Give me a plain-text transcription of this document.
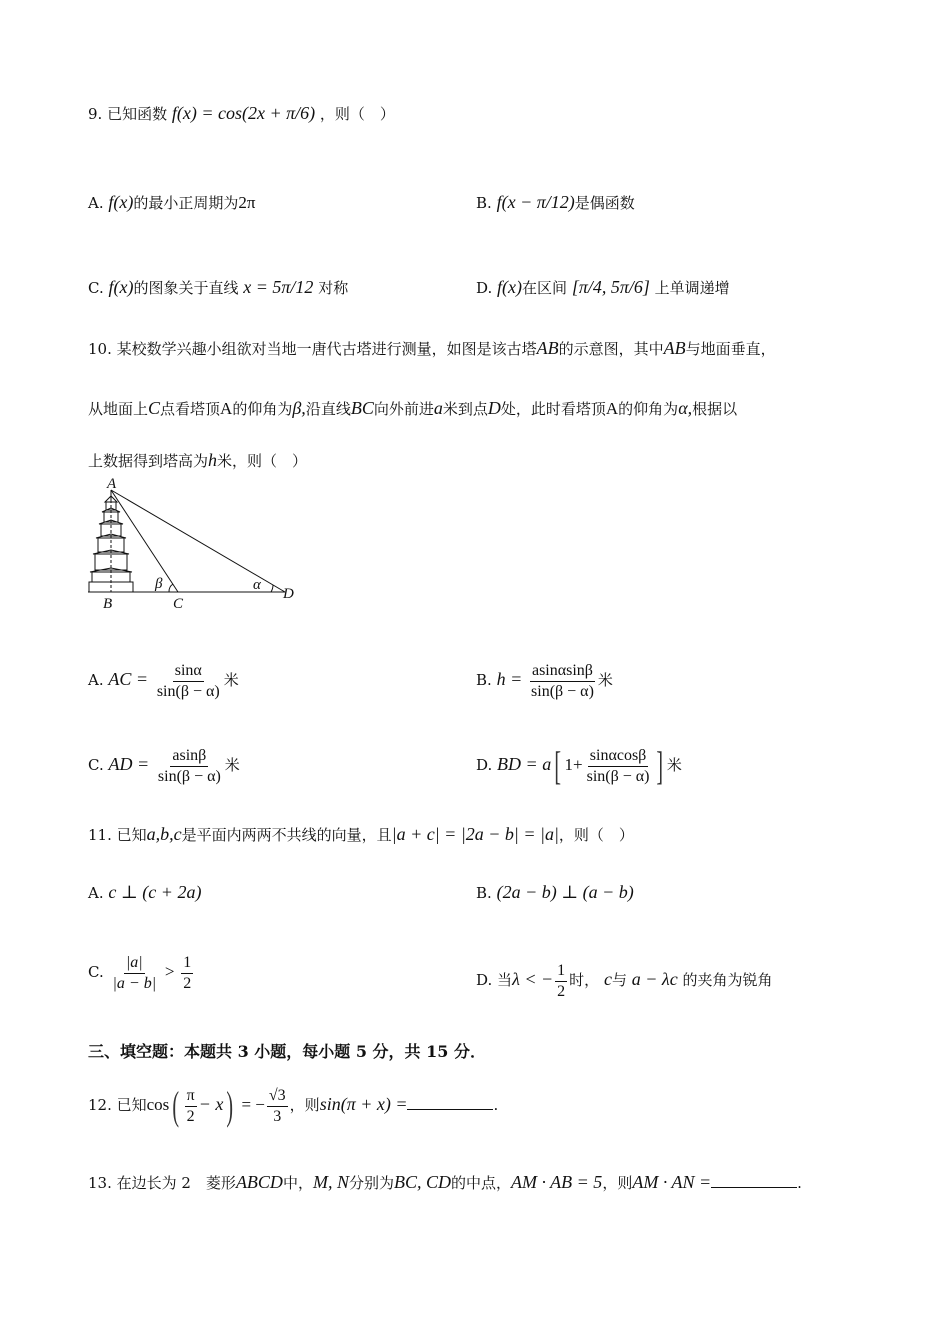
9. 已知函数 f(x) = cos(2x + π/6) ，则（　）
A. f(x)的最小正周期为2π	B. f(x − π/12)是偶函数
C. f(x)的图象关于直线 x = 5π/12 对称	D. f(x)在区间 [π/4, 5π/6] 上单调递增
10. 某校数学兴趣小组欲对当地一唐代古塔进行测量，如图是该古塔AB的示意图，其中AB与地面垂直，
从地面上C点看塔顶A的仰角为β,沿直线BC向外前进a米到点D处，此时看塔顶A的仰角为α,根据以
上数据得到塔高为h米，则（　）
A
B	C
D
β	α
A. AC = $\frac{\sin\alpha}{\sin(\beta - \alpha)}$ 米	B. $h = \frac{asin\alpha\sin\beta}{\sin(\beta - \alpha)}$ 米
C. AD = $\frac{asin\beta}{\sin(\beta - \alpha)}$ 米	D. BD = a[ $1+ \frac{\sin\alpha\cos\beta}{\sin(\beta - \alpha)}$ ] 米
11. 已知a,b,c是平面内两两不共线的向量，且|a + c| = |2a − b| = |a|，则（　）
A. c ⊥ (c + 2a)	B. (2a − b) ⊥ (a − b)
C. $\frac{|a|}{|a - b|} > \frac{1}{2}$	D. 当λ < − $\frac{1}{2}$ 时， c与 a − λc 的夹角为锐角
三、填空题：本题共 3 小题，每小题 5 分，共 15 分．
12. 已知$\cos( \frac{\pi}{2} - x)$ = − $\frac{√3}{3}$ ，则sin(π + x) =	.
13. 在边长为 2　菱形ABCD中，M, N分别为BC, CD的中点，AM · AB = 5，则AM · AN =	.
